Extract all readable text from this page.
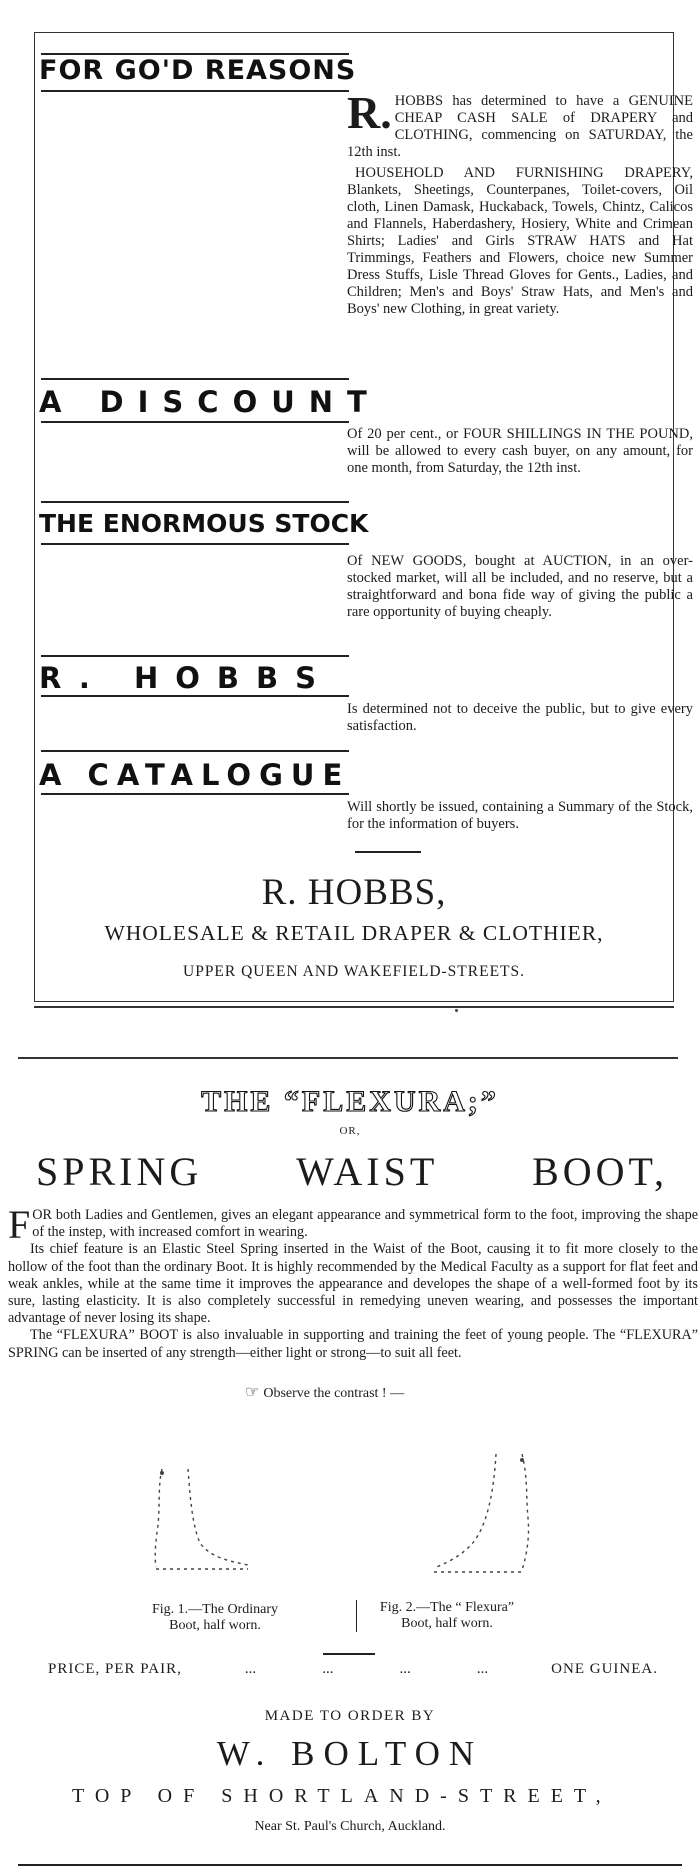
FOR GO'D REASONS

R. HOBBS has determined to have a GENUINE CHEAP CASH SALE of DRAPERY and CLOTHING, commencing on SATURDAY, the 12th inst.

HOUSEHOLD AND FURNISHING DRAPERY, Blankets, Sheetings, Counterpanes, Toilet-covers, Oil cloth, Linen Damask, Huckaback, Towels, Chintz, Calicos and Flannels, Haberdashery, Hosiery, White and Crimean Shirts; Ladies' and Girls STRAW HATS and Hat Trimmings, Feathers and Flowers, choice new Summer Dress Stuffs, Lisle Thread Gloves for Gents., Ladies, and Children; Men's and Boys' Straw Hats, and Men's and Boys' new Clothing, in great variety.

A DISCOUNT

Of 20 per cent., or FOUR SHILLINGS IN THE POUND, will be allowed to every cash buyer, on any amount, for one month, from Saturday, the 12th inst.

THE ENORMOUS STOCK

Of NEW GOODS, bought at AUCTION, in an over-stocked market, will all be included, and no reserve, but a straightforward and bona fide way of giving the public a rare opportunity of buying cheaply.

R. HOBBS

Is determined not to deceive the public, but to give every satisfaction.

A CATALOGUE

Will shortly be issued, containing a Summary of the Stock, for the information of buyers.

R. HOBBS,
WHOLESALE & RETAIL DRAPER & CLOTHIER,
UPPER QUEEN AND WAKEFIELD-STREETS.
THE “FLEXURA;”
OR,
SPRING WAIST BOOT,

FOR both Ladies and Gentlemen, gives an elegant appearance and symmetrical form to the foot, improving the shape of the instep, with increased comfort in wearing.

Its chief feature is an Elastic Steel Spring inserted in the Waist of the Boot, causing it to fit more closely to the hollow of the foot than the ordinary Boot. It is highly recommended by the Medical Faculty as a support for flat feet and weak ankles, while at the same time it improves the appearance and developes the shape of a well-formed foot by its sure, lasting elasticity. It is also completely successful in remedying uneven wearing, and possesses the important advantage of never losing its shape.

The “FLEXURA” BOOT is also invaluable in supporting and training the feet of young people. The “FLEXURA” SPRING can be inserted of any strength—either light or strong—to suit all feet.

☞ Observe the contrast ! —
Fig. 1.—The Ordinary
Boot, half worn.
Fig. 2.—The “ Flexura”
Boot, half worn.
PRICE, PER PAIR,	...	...	...	...	ONE GUINEA.
MADE TO ORDER BY
W. BOLTON
TOP OF SHORTLAND-STREET,
Near St. Paul's Church, Auckland.
